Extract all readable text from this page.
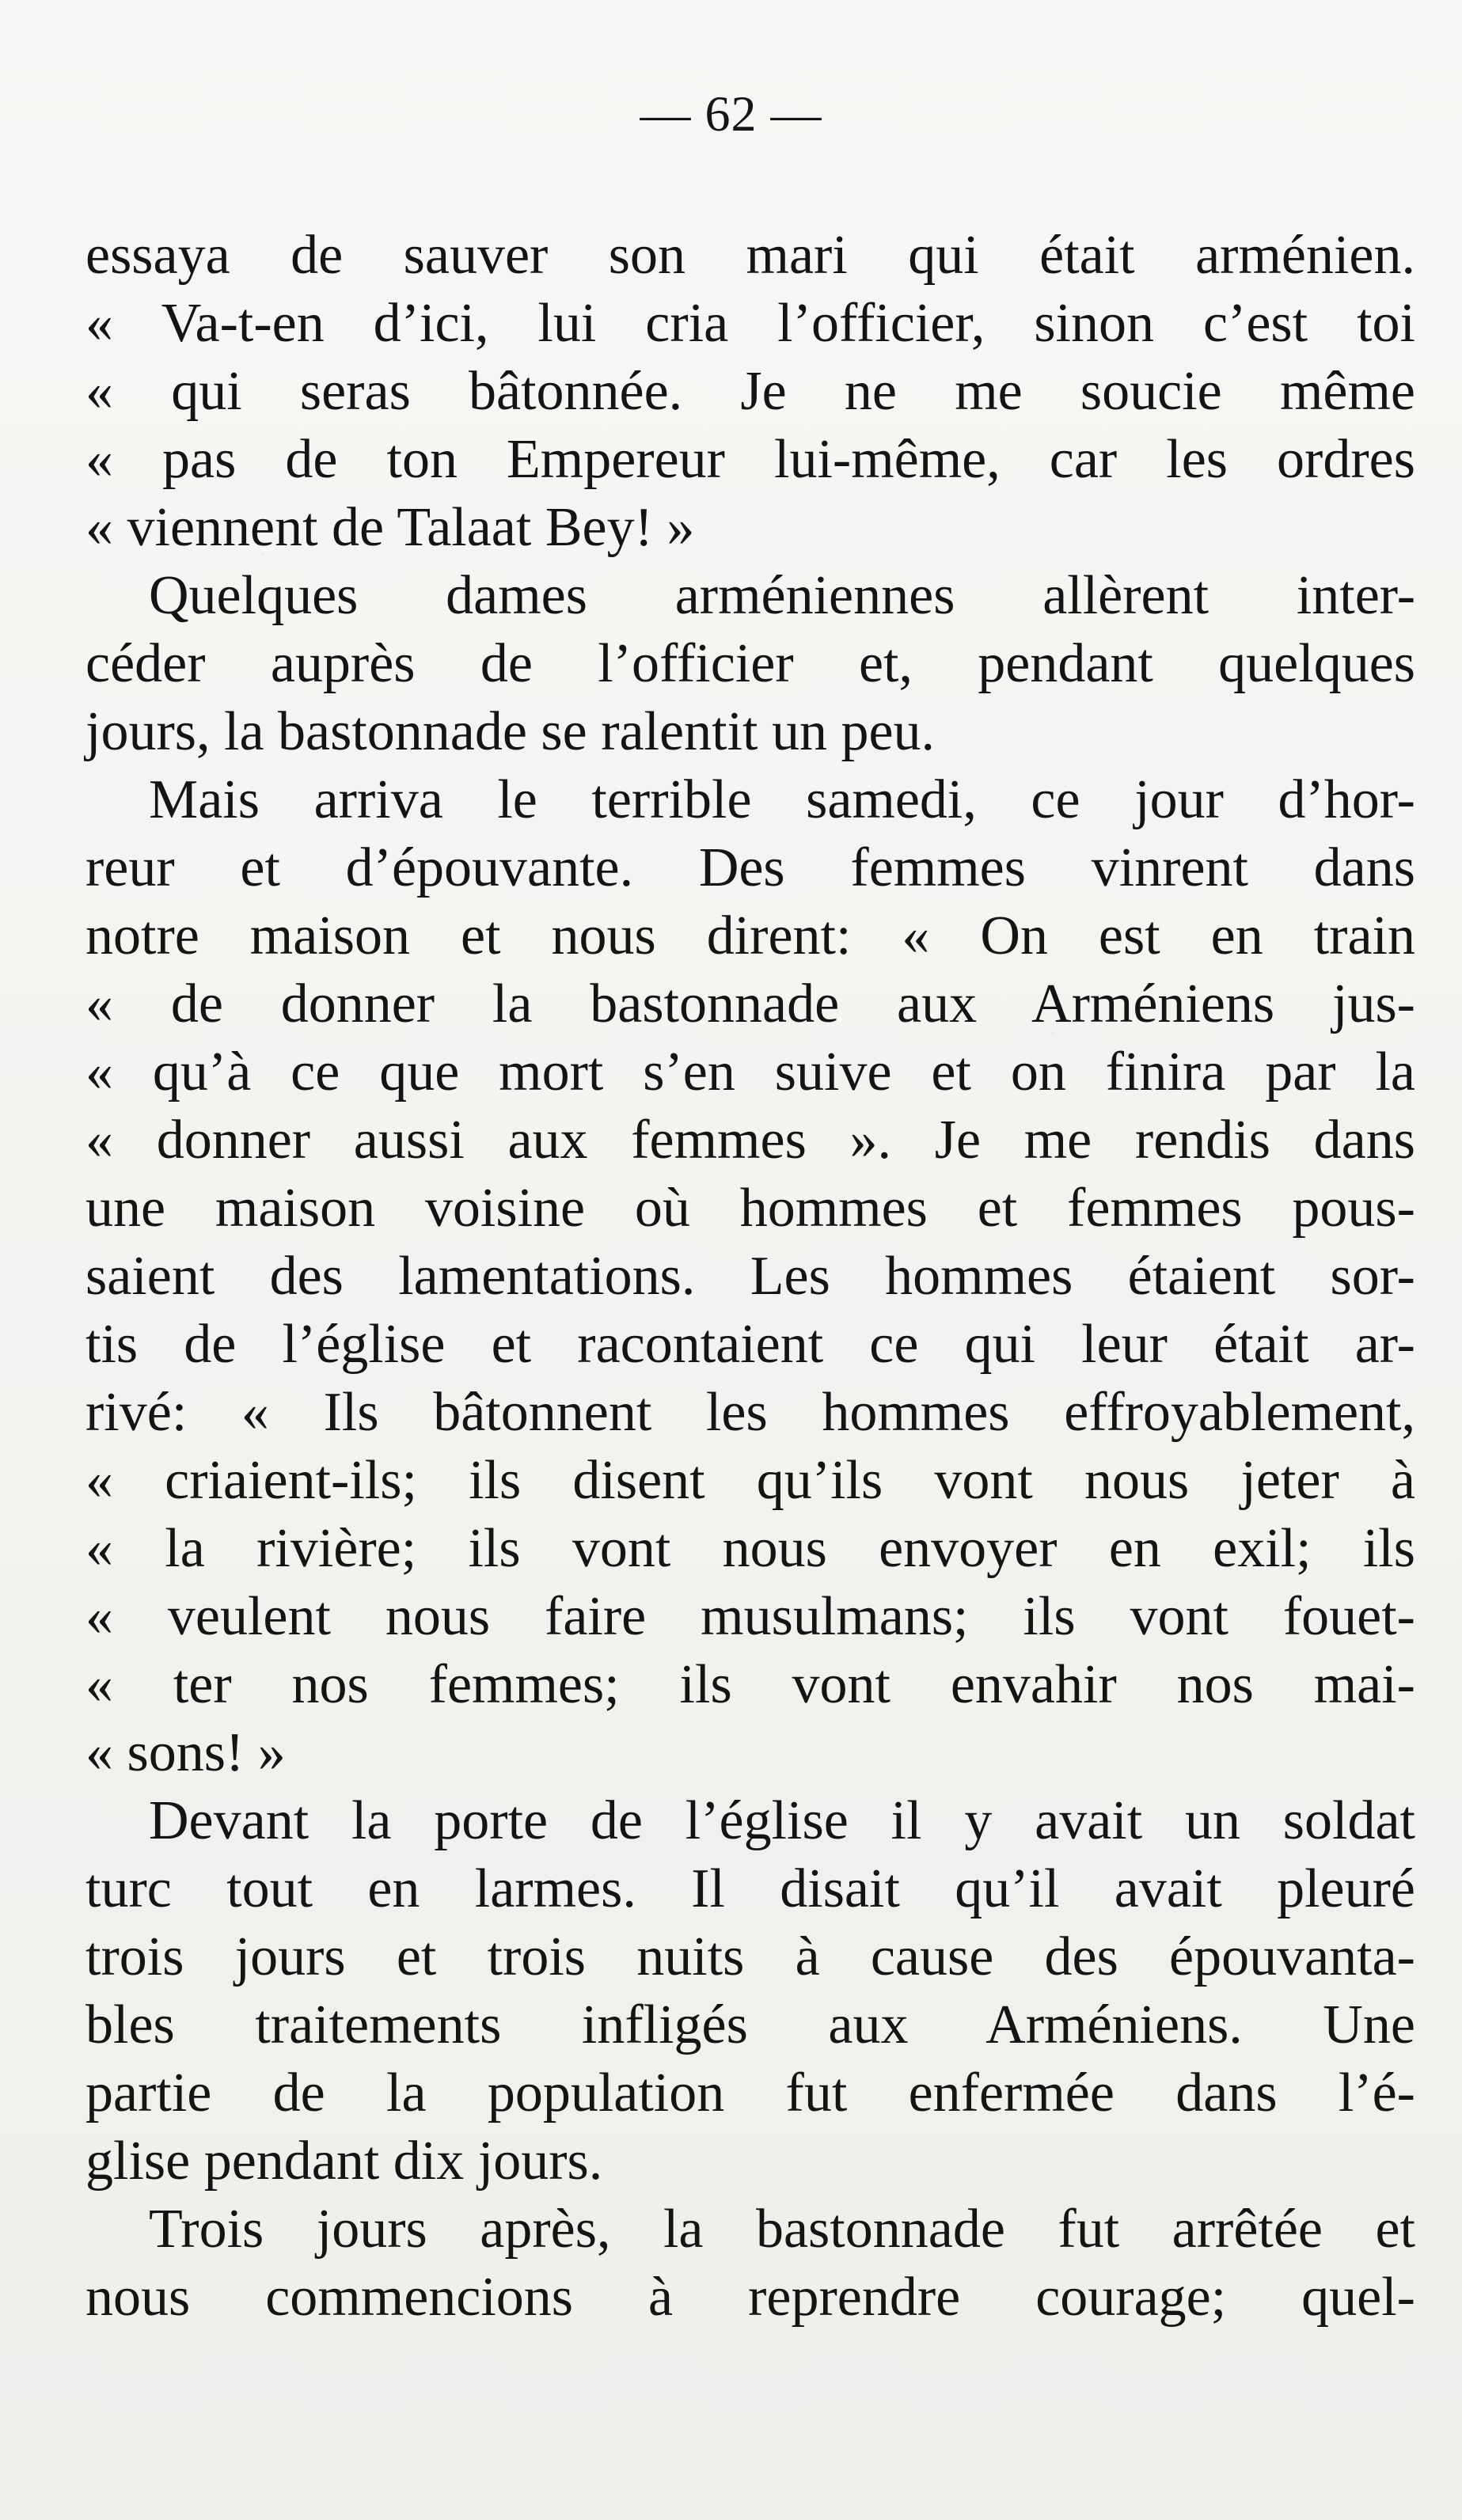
— 62 —
essaya de sauver son mari qui était arménien.
« Va-t-en d’ici, lui cria l’officier, sinon c’est toi
« qui seras bâtonnée. Je ne me soucie même
« pas de ton Empereur lui-même, car les ordres
« viennent de Talaat Bey! »
Quelques dames arméniennes allèrent inter-
céder auprès de l’officier et, pendant quelques
jours, la bastonnade se ralentit un peu.
Mais arriva le terrible samedi, ce jour d’hor-
reur et d’épouvante. Des femmes vinrent dans
notre maison et nous dirent: « On est en train
« de donner la bastonnade aux Arméniens jus-
« qu’à ce que mort s’en suive et on finira par la
« donner aussi aux femmes ». Je me rendis dans
une maison voisine où hommes et femmes pous-
saient des lamentations. Les hommes étaient sor-
tis de l’église et racontaient ce qui leur était ar-
rivé: « Ils bâtonnent les hommes effroyablement,
« criaient-ils; ils disent qu’ils vont nous jeter à
« la rivière; ils vont nous envoyer en exil; ils
« veulent nous faire musulmans; ils vont fouet-
« ter nos femmes; ils vont envahir nos mai-
« sons! »
Devant la porte de l’église il y avait un soldat
turc tout en larmes. Il disait qu’il avait pleuré
trois jours et trois nuits à cause des épouvanta-
bles traitements infligés aux Arméniens. Une
partie de la population fut enfermée dans l’é-
glise pendant dix jours.
Trois jours après, la bastonnade fut arrêtée et
nous commencions à reprendre courage; quel-
